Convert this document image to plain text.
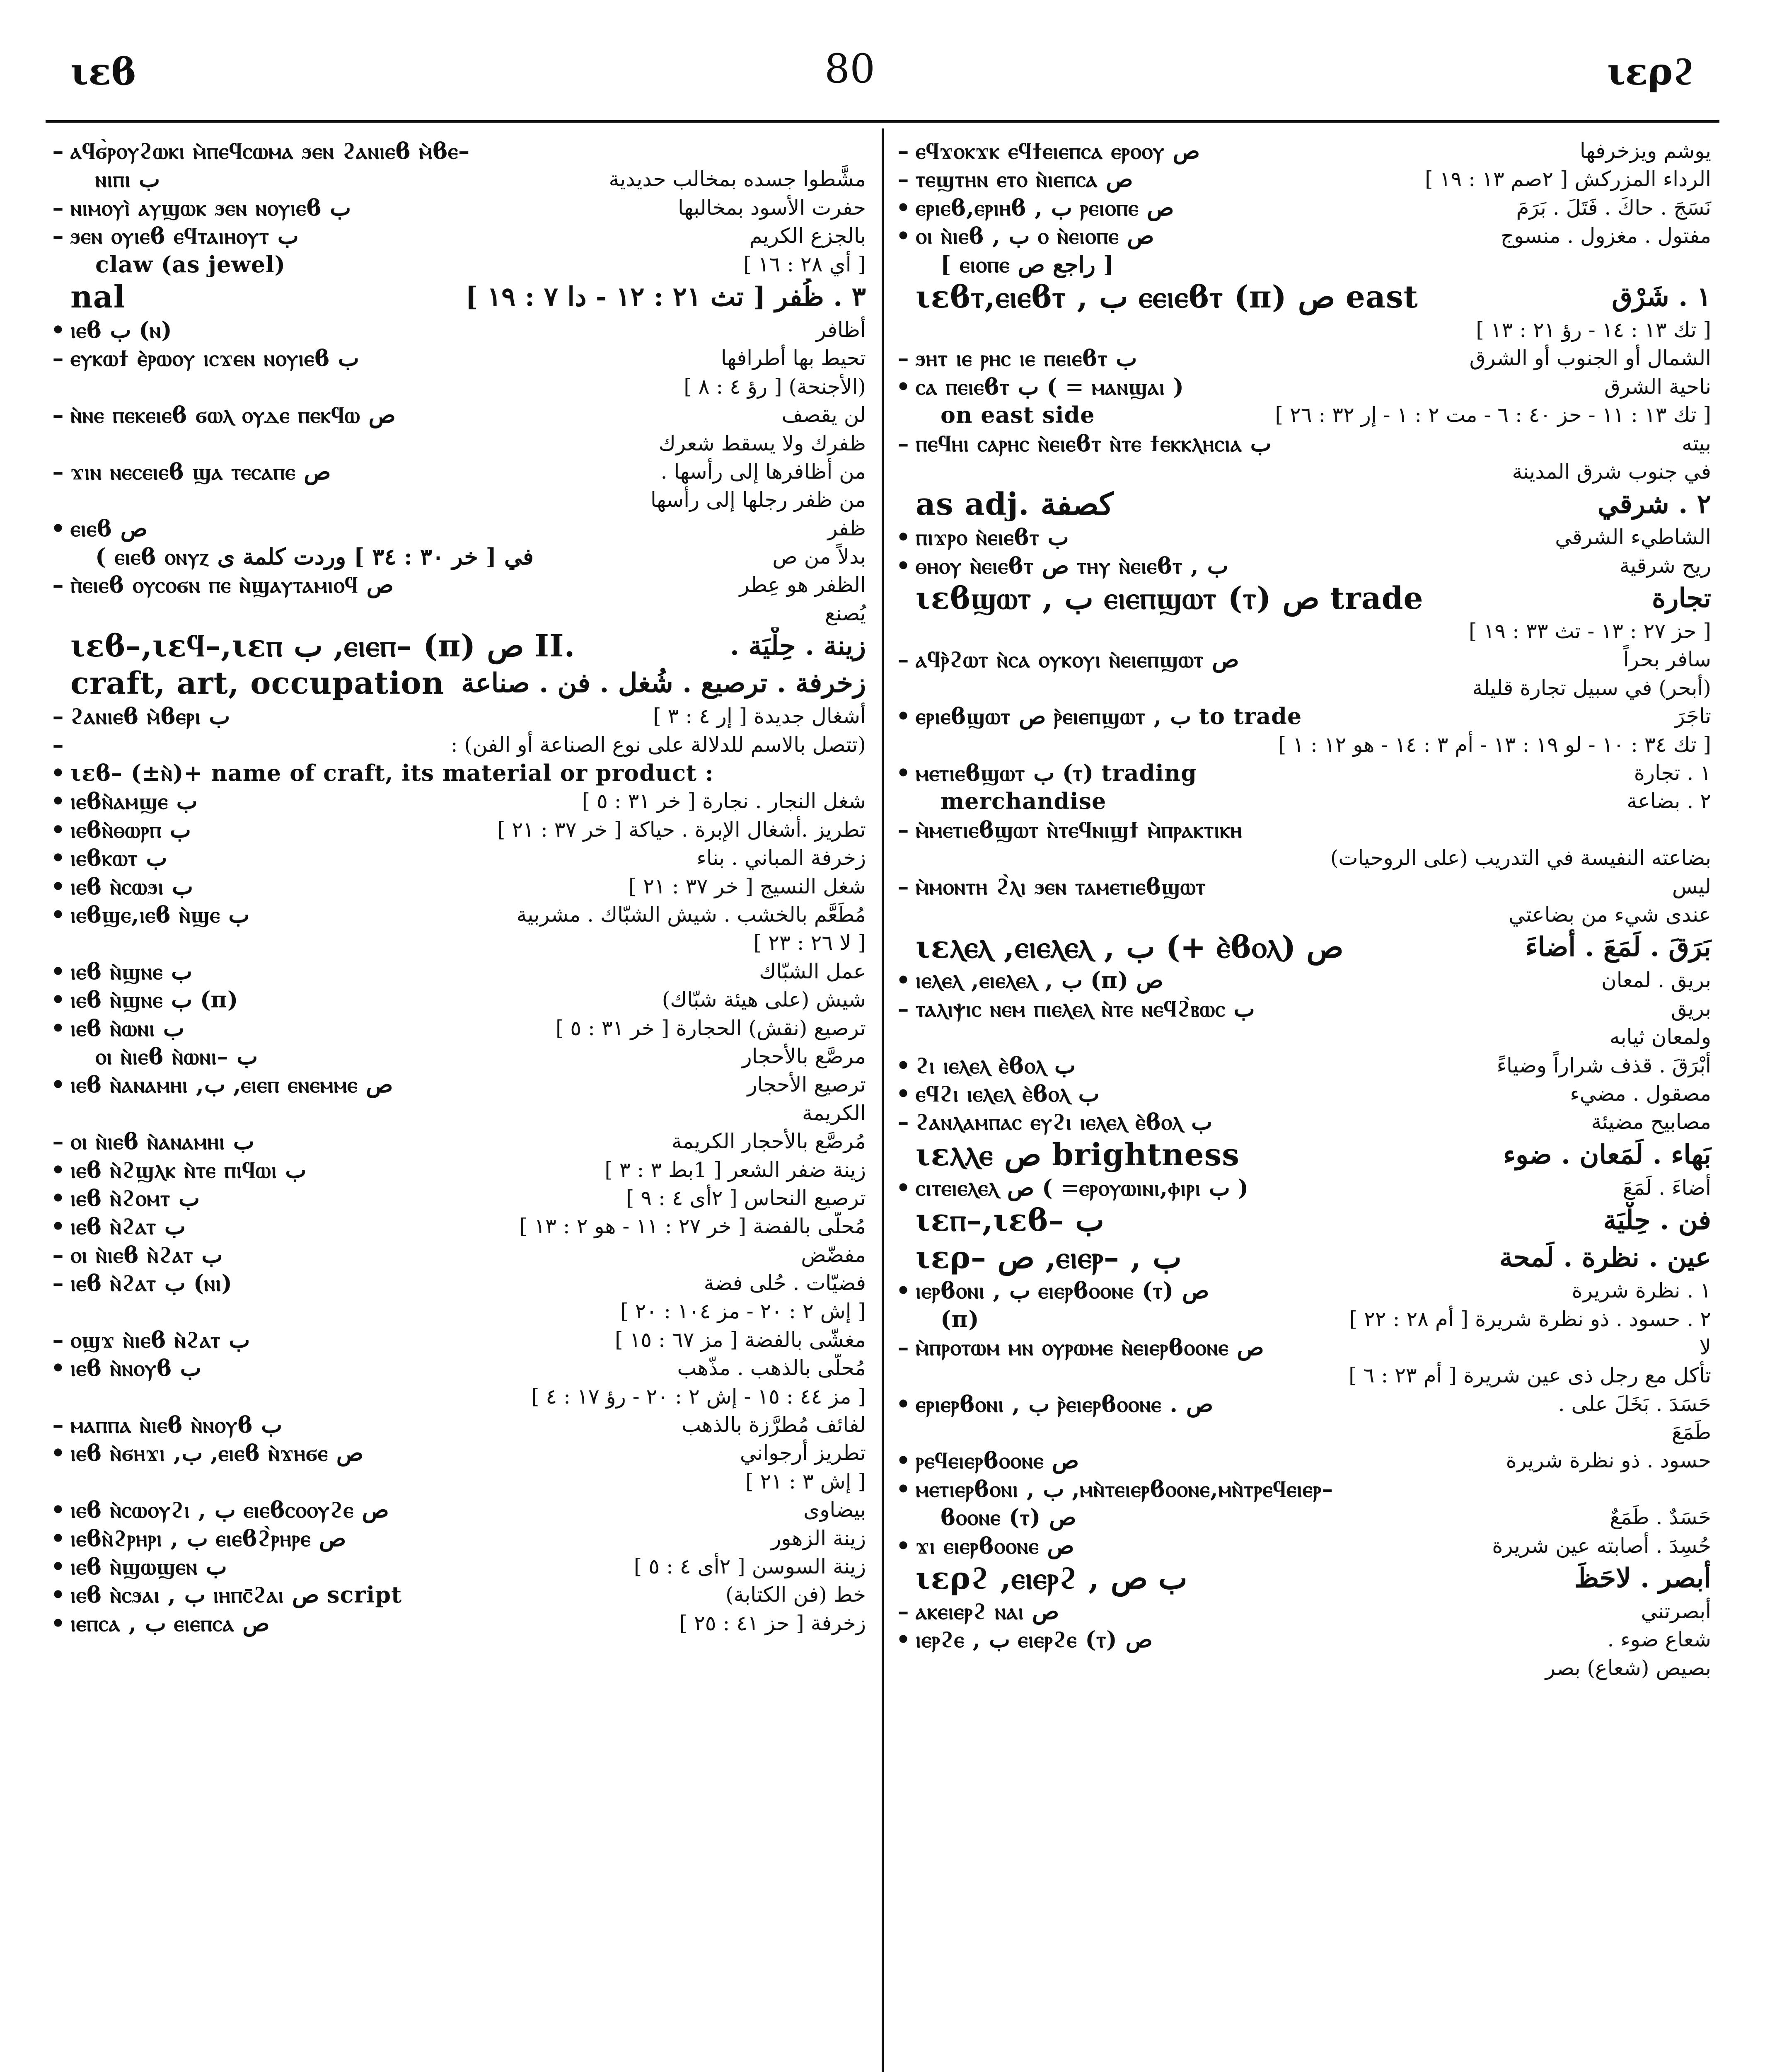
ιεϐ	80	ιερϩ
– ⲉϥϫⲟⲕϫⲕ ⲉϥϯⲉⲓⲉⲡⲥⲁ ⲉⲣⲟⲟⲩ ص	يوشم ويزخرفها
– ⲧⲉϣⲧⲏⲛ ⲉⲧⲟ ⲛ̀ⲓⲉⲡⲥⲁ ص	الرداء المزركش [ ٢صم ١٣ : ١٩ ]
• ⲉⲣⲓⲉϐ,ⲉⲣⲓⲏϐ , ب ⲣⲉⲓⲟⲡⲉ ص	نَسَجَ . حاكَ . فَتَلَ . بَرَمَ
• ⲟⲓ ⲛ̀ⲓⲉϐ , ب ⲟ ⲛ̀ⲉⲓⲟⲡⲉ ص	مفتول . مغزول . منسوج
[ ⲉⲓⲟⲡⲉ راجع ص ]
ιεϐⲧ,ⲉⲓⲉϐⲧ , ب ⲉⲉⲓⲉϐⲧ (п) ص east	١ . شَرْق
[ تك ١٣ : ١٤ - رؤ ٢١ : ١٣ ]
– ϧⲏⲧ ⲓⲉ ⲣⲏⲥ ⲓⲉ ⲡⲉⲓⲉϐⲧ ب	الشمال أو الجنوب أو الشرق
• ⲥⲁ ⲡⲉⲓⲉϐⲧ ب ( = ⲙⲁⲛϣⲁⲓ )	ناحية الشرق
on east side	[ تك ١٣ : ١١ - حز ٤٠ : ٦ - مت ٢ : ١ - إر ٣٢ : ٢٦ ]
– ⲡⲉϥⲏⲓ ⲥⲁⲣⲏⲥ ⲛ̀ⲉⲓⲉϐⲧ ⲛ̀ⲧⲉ ϯⲉⲕⲕⲗⲏⲥⲓⲁ ب	بيته
في جنوب شرق المدينة
as adj. كصفة	٢ . شرقي
• ⲡⲓϫⲣⲟ ⲛ̀ⲉⲓⲉϐⲧ ب	الشاطيء الشرقي
• ⲑⲏⲟⲩ ⲛ̀ⲉⲓⲉϐⲧ ص ⲧⲏⲩ ⲛ̀ⲉⲓⲉϐⲧ , ب	ريح شرقية
ιεϐϣⲱⲧ , ب ⲉⲓⲉⲡϣⲱⲧ (ⲧ) ص trade	تجارة
[ حز ٢٧ : ١٣ - تث ٣٣ : ١٩ ]
– ⲁϥⲣ̀ϩⲱⲧ ⲛ̀ⲥⲁ ⲟⲩⲕⲟⲩⲓ ⲛ̀ⲉⲓⲉⲡϣⲱⲧ ص	سافر بحراً
(أبحر) في سبيل تجارة قليلة
• ⲉⲣⲓⲉϐϣⲱⲧ ص ⲣ̀ⲉⲓⲉⲡϣⲱⲧ , ب to trade	تاجَرَ
[ تك ٣٤ : ١٠ - لو ١٩ : ١٣ - أم ٣ : ١٤ - هو ١٢ : ١ ]
• ⲙⲉⲧⲓⲉϐϣⲱⲧ ب (ⲧ) trading	١ . تجارة
merchandise	٢ . بضاعة
– ⲙ̀ⲙⲉⲧⲓⲉϐϣⲱⲧ ⲛ̀ⲧⲉϥⲛⲓϣϯ ⲙ̀ⲡⲣⲁⲕⲧⲓⲕⲏ
بضاعته النفيسة في التدريب (على الروحيات)
– ⲙ̀ⲙⲟⲛⲧⲏ ϩ̀ⲗⲓ ϧⲉⲛ ⲧⲁⲙⲉⲧⲓⲉϐϣⲱⲧ	ليس
عندى شيء من بضاعتي
ιεⲗⲉⲗ ,ⲉⲓⲉⲗⲉⲗ , ب (+ ⲉ̀ϐⲟⲗ) ص	بَرَقَ . لَمَعَ . أضاءَ
• ⲓⲉⲗⲉⲗ ,ⲉⲓⲉⲗⲉⲗ , ب (п) ص	بريق . لمعان
– ⲧⲁⲗⲓⲯⲓⲥ ⲛⲉⲙ ⲡⲓⲉⲗⲉⲗ ⲛ̀ⲧⲉ ⲛⲉϥϩ̀ⲃⲱⲥ ب	بريق
ولمعان ثيابه
• ϩⲓ ⲓⲉⲗⲉⲗ ⲉ̀ϐⲟⲗ ب	أبْرَقَ . قذف شراراً وضياءً
• ⲉϥϩⲓ ⲓⲉⲗⲉⲗ ⲉ̀ϐⲟⲗ ب	مصقول . مضيء
– ϩⲁⲛⲗⲁⲙⲡⲁⲥ ⲉⲩϩⲓ ⲓⲉⲗⲉⲗ ⲉ̀ϐⲟⲗ ب	مصابيح مضيئة
ιεⲗⲗⲉ ص brightness	بَهاء . لَمَعان . ضوء
• ⲥⲓⲧⲉⲓⲉⲗⲉⲗ ص ( =ⲉⲣⲟⲩⲱⲓⲛⲓ,ⲫⲓⲣⲓ ب )	أضاءَ . لَمَعَ
ιεⲡ–,ιεϐ– ب	فن . حِلْيَة
ιερ– ص ,ⲉⲓⲉⲣ– , ب	عين . نظرة . لَمحة
• ⲓⲉⲣϐⲟⲛⲓ , ب ⲉⲓⲉⲣϐⲟⲟⲛⲉ (ⲧ) ص	١ . نظرة شريرة
(п)	٢ . حسود . ذو نظرة شريرة [ أم ٢٨ : ٢٢ ]
– ⲙ̀ⲡⲣⲟⲧⲱⲙ ⲙⲛ ⲟⲩⲣⲱⲙⲉ ⲛ̀ⲉⲓⲉⲣϐⲟⲟⲛⲉ ص	لا
تأكل مع رجل ذى عين شريرة [ أم ٢٣ : ٦ ]
• ⲉⲣⲓⲉⲣϐⲟⲛⲓ , ب ⲣ̀ⲉⲓⲉⲣϐⲟⲟⲛⲉ . ص	حَسَدَ . بَخَلَ على .
طَمَعَ
• ⲣⲉϥⲉⲓⲉⲣϐⲟⲟⲛⲉ ص	حسود . ذو نظرة شريرة
• ⲙⲉⲧⲓⲉⲣϐⲟⲛⲓ , ب ,ⲙⲛ̀ⲧⲉⲓⲉⲣϐⲟⲟⲛⲉ,ⲙⲛ̀ⲧⲣⲉϥⲉⲓⲉⲣ–
ϐⲟⲟⲛⲉ (ⲧ) ص	حَسَدٌ . طَمَعٌ
• ϫⲓ ⲉⲓⲉⲣϐⲟⲟⲛⲉ ص	حُسِدَ . أصابته عين شريرة
ιερϩ ,ⲉⲓⲉⲣϩ , ب ص	أبصر . لاحَظَ
– ⲁⲕⲉⲓⲉⲣϩ ⲛⲁⲓ ص	أبصرتني
• ⲓⲉⲣϩⲉ , ب ⲉⲓⲉⲣϩⲉ (ⲧ) ص	شعاع ضوء .
بصيص (شعاع) بصر
– ⲁϥϭ̀ⲣⲟⲩϩⲱⲕⲓ ⲙ̀ⲡⲉϥⲥⲱⲙⲁ ϧⲉⲛ ϩⲁⲛⲓⲉϐ ⲙ̀ϐⲉ–
ⲛⲓⲡⲓ ب	مشَّطوا جسده بمخالب حديدية
– ⲛⲓⲙⲟⲩⲓ̀ ⲁⲩϣⲱⲕ ϧⲉⲛ ⲛⲟⲩⲓⲉϐ ب	حفرت الأسود بمخالبها
– ϧⲉⲛ ⲟⲩⲓⲉϐ ⲉϥⲧⲁⲓⲏⲟⲩⲧ ب	بالجزع الكريم
claw (as jewel)	[ أي ٢٨ : ١٦ ]
nal	٣ . ظُفر [ تث ٢١ : ١٢ - دا ٧ : ١٩ ]
• ⲓⲉϐ ب (ⲛ)	أظافر
– ⲉⲩⲕⲱϯ ⲉ̀ⲣⲱⲟⲩ ⲓⲥϫⲉⲛ ⲛⲟⲩⲓⲉϐ ب	تحيط بها أطرافها
(الأجنحة) [ رؤ ٤ : ٨ ]
– ⲛ̀ⲛⲉ ⲡⲉⲕⲉⲓⲉϐ ϭⲱⲗ ⲟⲩⲇⲉ ⲡⲉⲕϥⲱ ص	لن يقصف
ظفرك ولا يسقط شعرك
– ϫⲓⲛ ⲛⲉⲥⲉⲓⲉϐ ϣⲁ ⲧⲉⲥⲁⲡⲉ ص	من أظافرها إلى رأسها .
من ظفر رجلها إلى رأسها
• ⲉⲓⲉϐ ص	ظفر
( ⲉⲓⲉϐ ⲟⲛⲩⲍ في [ خر ٣٠ : ٣٤ ] وردت كلمة ى	بدلاً من ص
– ⲡ̀ⲉⲓⲉϐ ⲟⲩⲥⲟϭⲛ ⲡⲉ ⲛ̀ϣⲁⲩⲧⲁⲙⲓⲟϥ ص	الظفر هو عِطر
يُصنع
ιεϐ–,ιεϥ–,ιεⲡ ب ,ⲉⲓⲉⲡ– (п) ص II.	زينة . حِلْيَة .
craft, art, occupation زخرفة . ترصيع . شُغل . فن . صناعة
– ϩⲁⲛⲓⲉϐ ⲙ̀ϐⲉⲣⲓ ب	أشغال جديدة [ إر ٤ : ٣ ]
–	(تتصل بالاسم للدلالة على نوع الصناعة أو الفن) :
• ιεϐ– (±ⲛ̀)+ name of craft, its material or product :
• ⲓⲉϐⲛ̀ⲁⲙϣⲉ ب	شغل النجار . نجارة [ خر ٣١ : ٥ ]
• ⲓⲉϐⲛ̀ⲑⲱⲣⲡ ب	تطريز .أشغال الإبرة . حياكة [ خر ٣٧ : ٢١ ]
• ⲓⲉϐⲕⲱⲧ ب	زخرفة المباني . بناء
• ⲓⲉϐ ⲛ̀ⲥⲱϧⲓ ب	شغل النسيج [ خر ٣٧ : ٢١ ]
• ⲓⲉϐϣⲉ,ⲓⲉϐ ⲛ̀ϣⲉ ب	مُطَعَّم بالخشب . شيش الشبّاك . مشربية
[ لا ٢٦ : ٢٣ ]
• ⲓⲉϐ ⲛ̀ϣⲛⲉ ب	عمل الشبّاك
• ⲓⲉϐ ⲛ̀ϣⲛⲉ ب (п)	شيش (على هيئة شبّاك)
• ⲓⲉϐ ⲛ̀ⲱⲛⲓ ب	ترصيع (نقش) الحجارة [ خر ٣١ : ٥ ]
ⲟⲓ ⲛ̀ⲓⲉϐ ⲛ̀ⲱⲛⲓ– ب	مرصَّع بالأحجار
• ⲓⲉϐ ⲛ̀ⲁⲛⲁⲙⲏⲓ ,ب ,ⲉⲓⲉⲡ ⲉⲛⲉⲙⲙⲉ ص	ترصيع الأحجار
الكريمة
– ⲟⲓ ⲛ̀ⲓⲉϐ ⲛ̀ⲁⲛⲁⲙⲏⲓ ب	مُرصَّع بالأحجار الكريمة
• ⲓⲉϐ ⲛ̀ϩϣⲗⲕ ⲛ̀ⲧⲉ ⲡⲓϥⲱⲓ ب	زينة ضفر الشعر [ 1بط ٣ : ٣ ]
• ⲓⲉϐ ⲛ̀ϩⲟⲙⲧ ب	ترصيع النحاس [ ٢أى ٤ : ٩ ]
• ⲓⲉϐ ⲛ̀ϩⲁⲧ ب	مُحلّى بالفضة [ خر ٢٧ : ١١ - هو ٢ : ١٣ ]
– ⲟⲓ ⲛ̀ⲓⲉϐ ⲛ̀ϩⲁⲧ ب	مفضّض
– ⲓⲉϐ ⲛ̀ϩⲁⲧ ب (ⲛⲓ)	فضيّات . حُلى فضة
[ إش ٢ : ٢٠ - مز ١٠٤ : ٢٠ ]
– ⲟϣϫ ⲛ̀ⲓⲉϐ ⲛ̀ϩⲁⲧ ب	مغشّى بالفضة [ مز ٦٧ : ١٥ ]
• ⲓⲉϐ ⲛ̀ⲛⲟⲩϐ ب	مُحلّى بالذهب . مذّهب
[ مز ٤٤ : ١٥ - إش ٢ : ٢٠ - رؤ ١٧ : ٤ ]
– ⲙⲁⲡⲡⲁ ⲛ̀ⲓⲉϐ ⲛ̀ⲛⲟⲩϐ ب	لفائف مُطرَّزة بالذهب
• ⲓⲉϐ ⲛ̀ϭⲏϫⲓ ,ب ,ⲉⲓⲉϐ ⲛ̀ϫⲏϭⲉ ص	تطريز أرجواني
[ إش ٣ : ٢١ ]
• ⲓⲉϐ ⲛ̀ⲥⲱⲟⲩϩⲓ , ب ⲉⲓⲉϐⲥⲟⲟⲩϩⲉ ص	بيضاوى
• ⲓⲉϐⲛ̀ϩⲣⲏⲣⲓ , ب ⲉⲓⲉϐϩ̀ⲣⲏⲣⲉ ص	زينة الزهور
• ⲓⲉϐ ⲛ̀ϣⲱϣⲉⲛ ب	زينة السوسن [ ٢أى ٤ : ٥ ]
• ⲓⲉϐ ⲛ̀ⲥϧⲁⲓ , ب ⲓⲏⲡⲥ̄ϩⲁⲓ ص script	خط (فن الكتابة)
• ⲓⲉⲡⲥⲁ , ب ⲉⲓⲉⲡⲥⲁ ص	زخرفة [ حز ٤١ : ٢٥ ]
